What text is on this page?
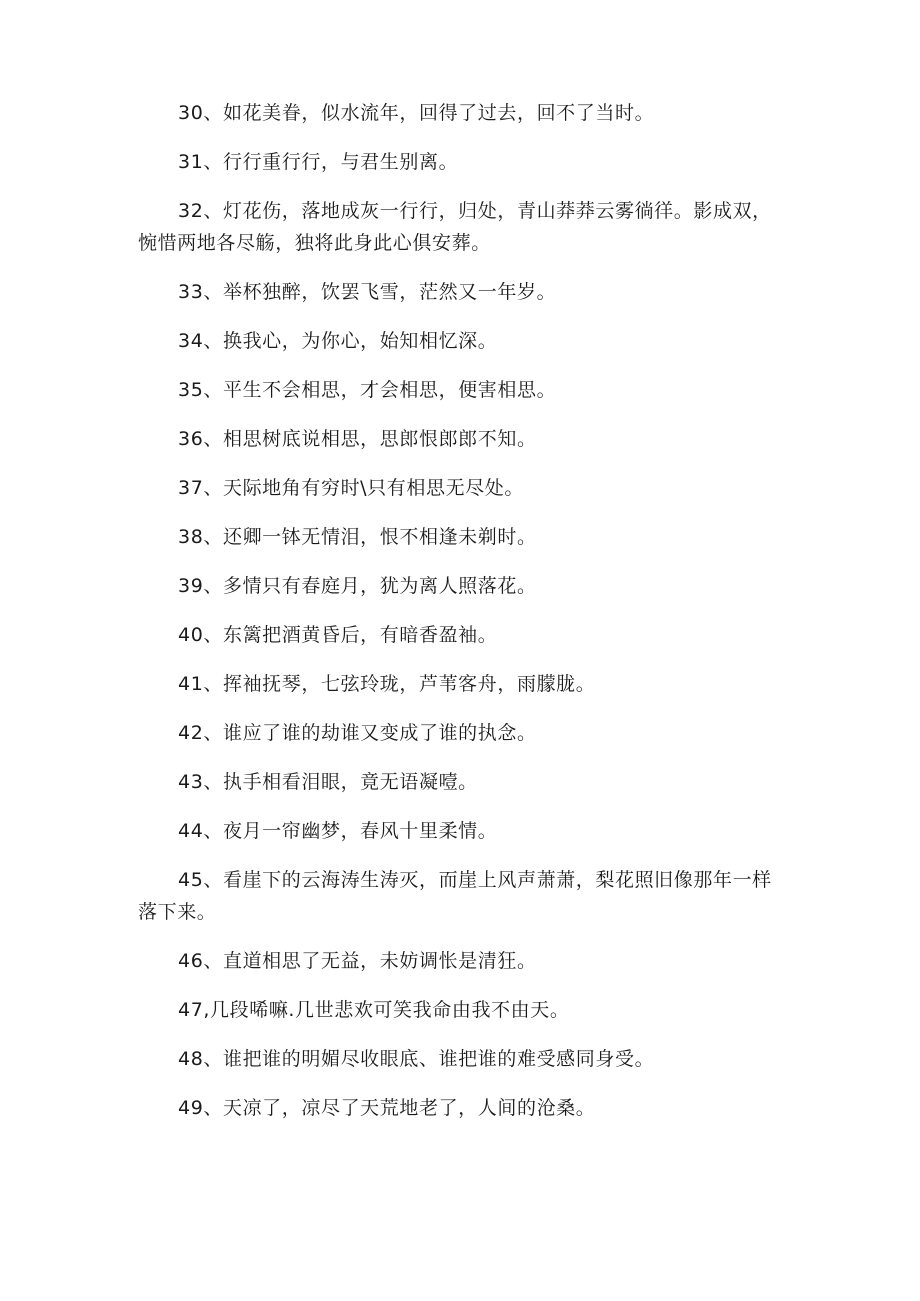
30、如花美眷，似水流年，回得了过去，回不了当时。

31、行行重行行，与君生别离。

32、灯花伤，落地成灰一行行，归处，青山莽莽云雾徜徉。影成双，惋惜两地各尽觞，独将此身此心俱安葬。

33、举杯独醉，饮罢飞雪，茫然又一年岁。

34、换我心，为你心，始知相忆深。

35、平生不会相思，才会相思，便害相思。

36、相思树底说相思，思郎恨郎郎不知。

37、天际地角有穷时\只有相思无尽处。

38、还卿一钵无情泪，恨不相逢未剃时。

39、多情只有春庭月，犹为离人照落花。

40、东篱把酒黄昏后，有暗香盈袖。

41、挥袖抚琴，七弦玲珑，芦苇客舟，雨朦胧。

42、谁应了谁的劫谁又变成了谁的执念。

43、执手相看泪眼，竟无语凝噎。

44、夜月一帘幽梦，春风十里柔情。

45、看崖下的云海涛生涛灭，而崖上风声萧萧，梨花照旧像那年一样落下来。

46、直道相思了无益，未妨调怅是清狂。

47,几段唏嘛.几世悲欢可笑我命由我不由天。

48、谁把谁的明媚尽收眼底、谁把谁的难受感同身受。

49、天凉了，凉尽了天荒地老了，人间的沧桑。
